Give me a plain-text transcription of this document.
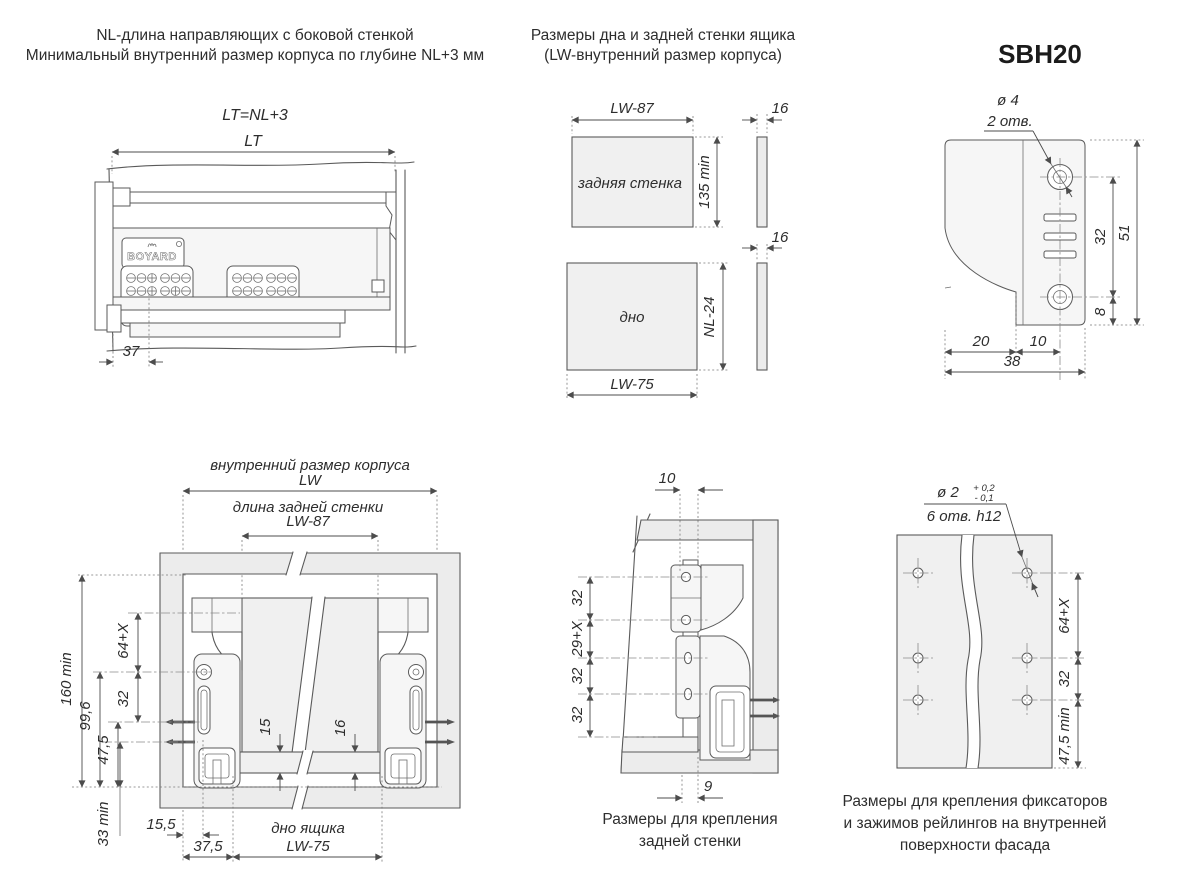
NL-длина направляющих с боковой стенкой
Минимальный внутренний размер корпуса по глубине NL+3 мм
LT=NL+3
LT
BOYARD
37
Размеры дна и задней стенки ящика
(LW-внутренний размер корпуса)
задняя стенка
LW-87
135 min
16
дно	NL-24
LW-75
16
SBH20
32
8
51
20	10
38
ø 4
2 отв.
внутренний размер корпуса
LW
длина задней стенки
LW-87
160 min
99,6
47,5
64+X
32
33 min 15,5
37,5
дно ящика
LW-75
15	16
32
29+X
32
32
10
9
Размеры для крепления
задней стенки
ø 2 + 0,2
- 0,1
6 отв. h12
64+X
32
47,5 min
Размеры для крепления фиксаторов
и зажимов рейлингов на внутренней
поверхности фасада
